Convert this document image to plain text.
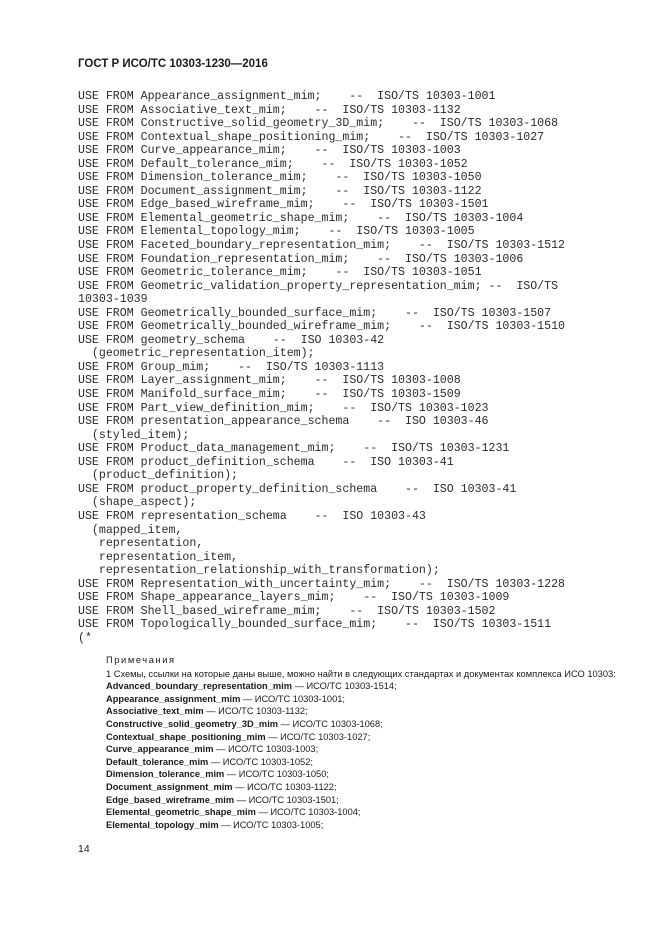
ГОСТ Р ИСО/ТС 10303-1230—2016
USE FROM Appearance_assignment_mim;    --  ISO/TS 10303-1001
USE FROM Associative_text_mim;    --  ISO/TS 10303-1132
USE FROM Constructive_solid_geometry_3D_mim;    --  ISO/TS 10303-1068
USE FROM Contextual_shape_positioning_mim;    --  ISO/TS 10303-1027
USE FROM Curve_appearance_mim;    --  ISO/TS 10303-1003
USE FROM Default_tolerance_mim;    --  ISO/TS 10303-1052
USE FROM Dimension_tolerance_mim;    --  ISO/TS 10303-1050
USE FROM Document_assignment_mim;    --  ISO/TS 10303-1122
USE FROM Edge_based_wireframe_mim;    --  ISO/TS 10303-1501
USE FROM Elemental_geometric_shape_mim;    --  ISO/TS 10303-1004
USE FROM Elemental_topology_mim;    --  ISO/TS 10303-1005
USE FROM Faceted_boundary_representation_mim;    --  ISO/TS 10303-1512
USE FROM Foundation_representation_mim;    --  ISO/TS 10303-1006
USE FROM Geometric_tolerance_mim;    --  ISO/TS 10303-1051
USE FROM Geometric_validation_property_representation_mim; --  ISO/TS
10303-1039
USE FROM Geometrically_bounded_surface_mim;    --  ISO/TS 10303-1507
USE FROM Geometrically_bounded_wireframe_mim;    --  ISO/TS 10303-1510
USE FROM geometry_schema    --  ISO 10303-42
(geometric_representation_item);
USE FROM Group_mim;    --  ISO/TS 10303-1113
USE FROM Layer_assignment_mim;    --  ISO/TS 10303-1008
USE FROM Manifold_surface_mim;    --  ISO/TS 10303-1509
USE FROM Part_view_definition_mim;    --  ISO/TS 10303-1023
USE FROM presentation_appearance_schema    --  ISO 10303-46
(styled_item);
USE FROM Product_data_management_mim;    --  ISO/TS 10303-1231
USE FROM product_definition_schema    --  ISO 10303-41
(product_definition);
USE FROM product_property_definition_schema    --  ISO 10303-41
(shape_aspect);
USE FROM representation_schema    --  ISO 10303-43
(mapped_item,
representation,
representation_item,
representation_relationship_with_transformation);
USE FROM Representation_with_uncertainty_mim;    --  ISO/TS 10303-1228
USE FROM Shape_appearance_layers_mim;    --  ISO/TS 10303-1009
USE FROM Shell_based_wireframe_mim;    --  ISO/TS 10303-1502
USE FROM Topologically_bounded_surface_mim;    --  ISO/TS 10303-1511
(*
Примечания
1 Схемы, ссылки на которые даны выше, можно найти в следующих стандартах и документах комплекса ИСО 10303:
Advanced_boundary_representation_mim — ИСО/ТС 10303-1514;
Appearance_assignment_mim — ИСО/ТС 10303-1001;
Associative_text_mim — ИСО/ТС 10303-1132;
Constructive_solid_geometry_3D_mim — ИСО/ТС 10303-1068;
Contextual_shape_positioning_mim — ИСО/ТС 10303-1027;
Curve_appearance_mim — ИСО/ТС 10303-1003;
Default_tolerance_mim — ИСО/ТС 10303-1052;
Dimension_tolerance_mim — ИСО/ТС 10303-1050;
Document_assignment_mim — ИСО/ТС 10303-1122;
Edge_based_wireframe_mim — ИСО/ТС 10303-1501;
Elemental_geometric_shape_mim — ИСО/ТС 10303-1004;
Elemental_topology_mim — ИСО/ТС 10303-1005;
14
